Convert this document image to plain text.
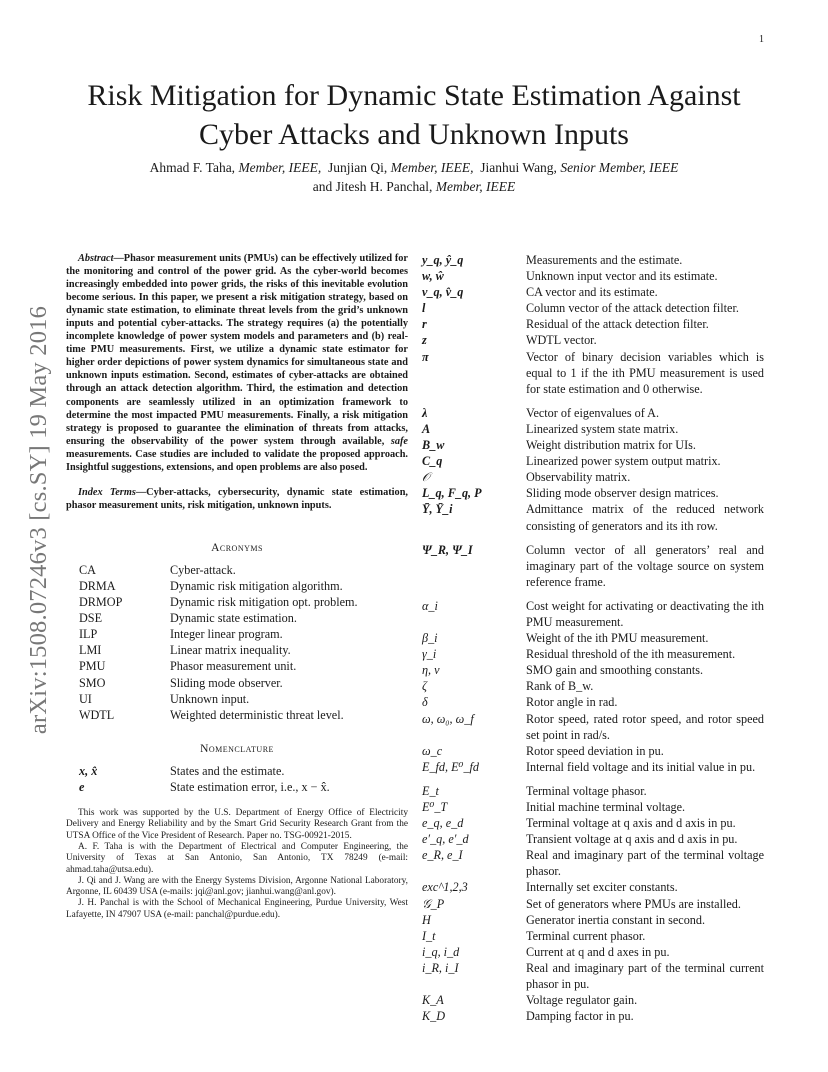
1
arXiv:1508.07246v3 [cs.SY] 19 May 2016
Risk Mitigation for Dynamic State Estimation Against Cyber Attacks and Unknown Inputs
Ahmad F. Taha, Member, IEEE,  Junjian Qi, Member, IEEE,  Jianhui Wang, Senior Member, IEEE
and Jitesh H. Panchal, Member, IEEE

Abstract—Phasor measurement units (PMUs) can be effectively utilized for the monitoring and control of the power grid. As the cyber-world becomes increasingly embedded into power grids, the risks of this inevitable evolution become serious. In this paper, we present a risk mitigation strategy, based on dynamic state estimation, to eliminate threat levels from the grid’s unknown inputs and potential cyber-attacks. The strategy requires (a) the potentially incomplete knowledge of power system models and parameters and (b) real-time PMU measurements. First, we utilize a dynamic state estimator for higher order depictions of power system dynamics for simultaneous state and unknown inputs estimation. Second, estimates of cyber-attacks are obtained through an attack detection algorithm. Third, the estimation and detection components are seamlessly utilized in an optimization framework to determine the most impacted PMU measurements. Finally, a risk mitigation strategy is proposed to guarantee the elimination of threats from attacks, ensuring the observability of the power system through available, safe measurements. Case studies are included to validate the proposed approach. Insightful suggestions, extensions, and open problems are also posed.

Index Terms—Cyber-attacks, cybersecurity, dynamic state estimation, phasor measurement units, risk mitigation, unknown inputs.

Acronyms
CA	Cyber-attack.
DRMA	Dynamic risk mitigation algorithm.
DRMOP	Dynamic risk mitigation opt. problem.
DSE	Dynamic state estimation.
ILP	Integer linear program.
LMI	Linear matrix inequality.
PMU	Phasor measurement unit.
SMO	Sliding mode observer.
UI	Unknown input.
WDTL	Weighted deterministic threat level.
Nomenclature
x, x̂	States and the estimate.
e	State estimation error, i.e., x − x̂.

This work was supported by the U.S. Department of Energy Office of Electricity Delivery and Energy Reliability and by the Smart Grid Security Research Grant from the UTSA Office of the Vice President of Research. Paper no. TSG-00921-2015.

A. F. Taha is with the Department of Electrical and Computer Engineering, the University of Texas at San Antonio, San Antonio, TX 78249 (e-mail: ahmad.taha@utsa.edu).

J. Qi and J. Wang are with the Energy Systems Division, Argonne National Laboratory, Argonne, IL 60439 USA (e-mails: jqi@anl.gov; jianhui.wang@anl.gov).

J. H. Panchal is with the School of Mechanical Engineering, Purdue University, West Lafayette, IN 47907 USA (e-mail: panchal@purdue.edu).

y_q, ŷ_q	Measurements and the estimate.
w, ŵ	Unknown input vector and its estimate.
v_q, v̂_q	CA vector and its estimate.
l	Column vector of the attack detection filter.
r	Residual of the attack detection filter.
z	WDTL vector.
π	Vector of binary decision variables which is equal to 1 if the ith PMU measurement is used for state estimation and 0 otherwise.
λ	Vector of eigenvalues of A.
A	Linearized system state matrix.
B_w	Weight distribution matrix for UIs.
C_q	Linearized power system output matrix.
𝒪	Observability matrix.
L_q, F_q, P	Sliding mode observer design matrices.
Ȳ, Ȳ_i	Admittance matrix of the reduced network consisting of generators and its ith row.
Ψ_R, Ψ_I	Column vector of all generators’ real and imaginary part of the voltage source on system reference frame.
α_i	Cost weight for activating or deactivating the ith PMU measurement.
β_i	Weight of the ith PMU measurement.
γ_i	Residual threshold of the ith measurement.
η, ν	SMO gain and smoothing constants.
ζ	Rank of B_w.
δ	Rotor angle in rad.
ω, ω₀, ω_f	Rotor speed, rated rotor speed, and rotor speed set point in rad/s.
ω_c	Rotor speed deviation in pu.
E_fd, E⁰_fd	Internal field voltage and its initial value in pu.
E_t	Terminal voltage phasor.
E⁰_T	Initial machine terminal voltage.
e_q, e_d	Terminal voltage at q axis and d axis in pu.
e′_q, e′_d	Transient voltage at q axis and d axis in pu.
e_R, e_I	Real and imaginary part of the terminal voltage phasor.
exc^1,2,3	Internally set exciter constants.
𝒢_P	Set of generators where PMUs are installed.
H	Generator inertia constant in second.
I_t	Terminal current phasor.
i_q, i_d	Current at q and d axes in pu.
i_R, i_I	Real and imaginary part of the terminal current phasor in pu.
K_A	Voltage regulator gain.
K_D	Damping factor in pu.
